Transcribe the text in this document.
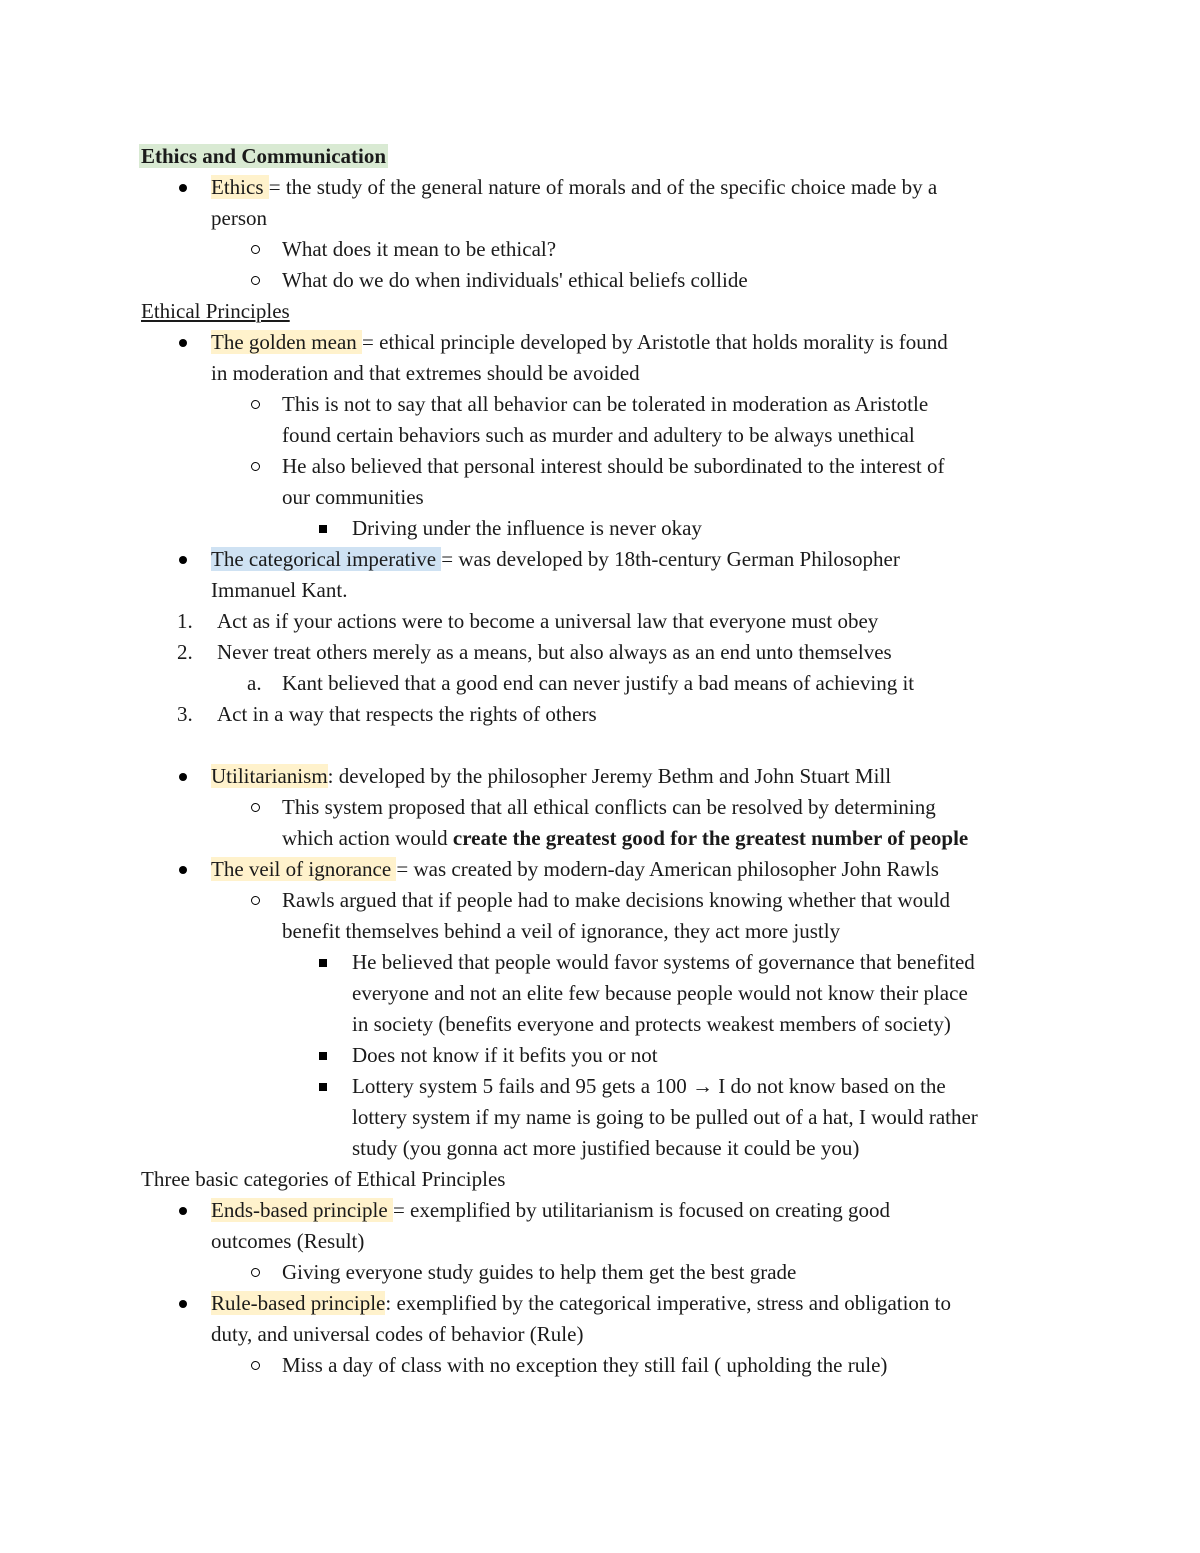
Ethics and Communication
Ethics = the study of the general nature of morals and of the specific choice made by a
person
What does it mean to be ethical?
What do we do when individuals' ethical beliefs collide
Ethical Principles
The golden mean = ethical principle developed by Aristotle that holds morality is found
in moderation and that extremes should be avoided
This is not to say that all behavior can be tolerated in moderation as Aristotle
found certain behaviors such as murder and adultery to be always unethical
He also believed that personal interest should be subordinated to the interest of
our communities
Driving under the influence is never okay
The categorical imperative = was developed by 18th-century German Philosopher
Immanuel Kant.
1. Act as if your actions were to become a universal law that everyone must obey
2. Never treat others merely as a means, but also always as an end unto themselves
a. Kant believed that a good end can never justify a bad means of achieving it
3. Act in a way that respects the rights of others
Utilitarianism: developed by the philosopher Jeremy Bethm and John Stuart Mill
This system proposed that all ethical conflicts can be resolved by determining
which action would create the greatest good for the greatest number of people
The veil of ignorance = was created by modern-day American philosopher John Rawls
Rawls argued that if people had to make decisions knowing whether that would
benefit themselves behind a veil of ignorance, they act more justly
He believed that people would favor systems of governance that benefited
everyone and not an elite few because people would not know their place
in society (benefits everyone and protects weakest members of society)
Does not know if it befits you or not
Lottery system 5 fails and 95 gets a 100 → I do not know based on the
lottery system if my name is going to be pulled out of a hat, I would rather
study (you gonna act more justified because it could be you)
Three basic categories of Ethical Principles
Ends-based principle = exemplified by utilitarianism is focused on creating good
outcomes (Result)
Giving everyone study guides to help them get the best grade
Rule-based principle: exemplified by the categorical imperative, stress and obligation to
duty, and universal codes of behavior (Rule)
Miss a day of class with no exception they still fail ( upholding the rule)
